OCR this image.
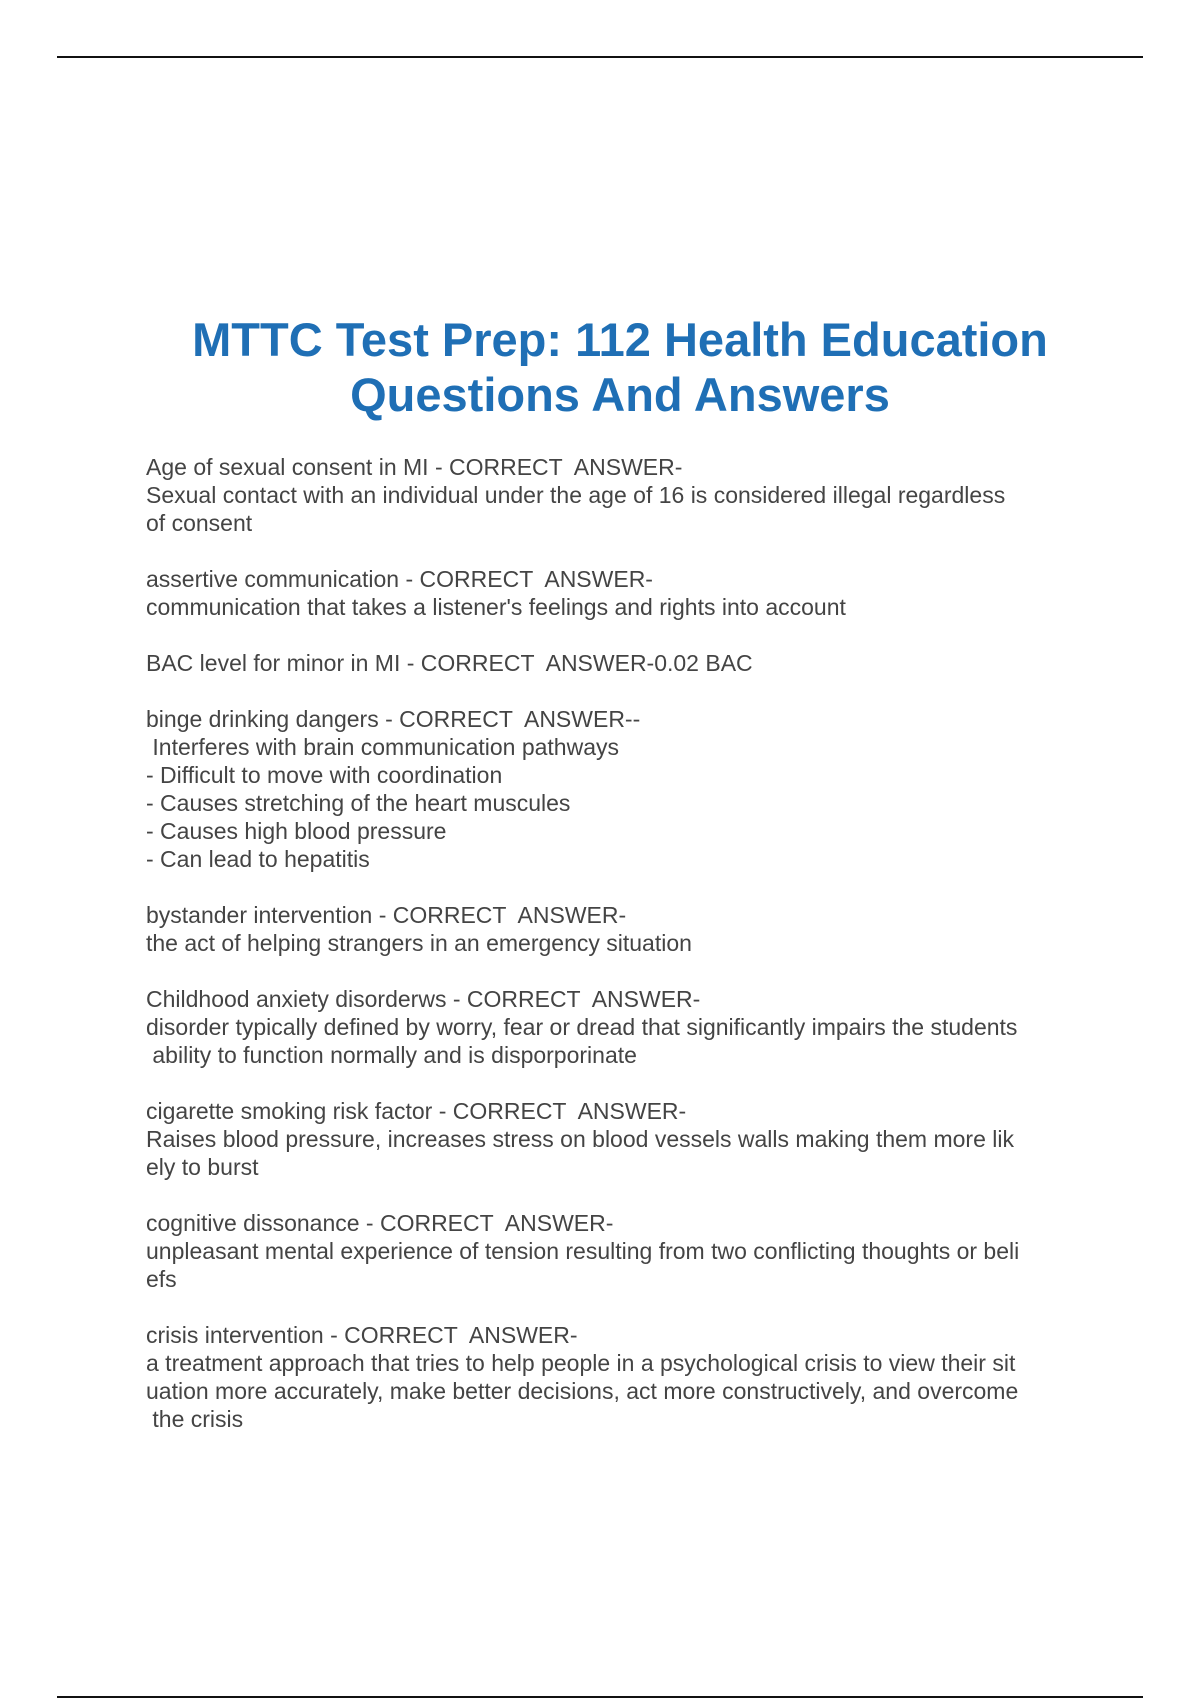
MTTC Test Prep: 112 Health Education
Questions And Answers
Age of sexual consent in MI - CORRECT  ANSWER-
Sexual contact with an individual under the age of 16 is considered illegal regardless
of consent
assertive communication - CORRECT  ANSWER-
communication that takes a listener's feelings and rights into account
BAC level for minor in MI - CORRECT  ANSWER-0.02 BAC
binge drinking dangers - CORRECT  ANSWER--
Interferes with brain communication pathways
- Difficult to move with coordination
- Causes stretching of the heart muscules
- Causes high blood pressure
- Can lead to hepatitis
bystander intervention - CORRECT  ANSWER-
the act of helping strangers in an emergency situation
Childhood anxiety disorderws - CORRECT  ANSWER-
disorder typically defined by worry, fear or dread that significantly impairs the students
ability to function normally and is disporporinate
cigarette smoking risk factor - CORRECT  ANSWER-
Raises blood pressure, increases stress on blood vessels walls making them more lik
ely to burst
cognitive dissonance - CORRECT  ANSWER-
unpleasant mental experience of tension resulting from two conflicting thoughts or beli
efs
crisis intervention - CORRECT  ANSWER-
a treatment approach that tries to help people in a psychological crisis to view their sit
uation more accurately, make better decisions, act more constructively, and overcome
the crisis
